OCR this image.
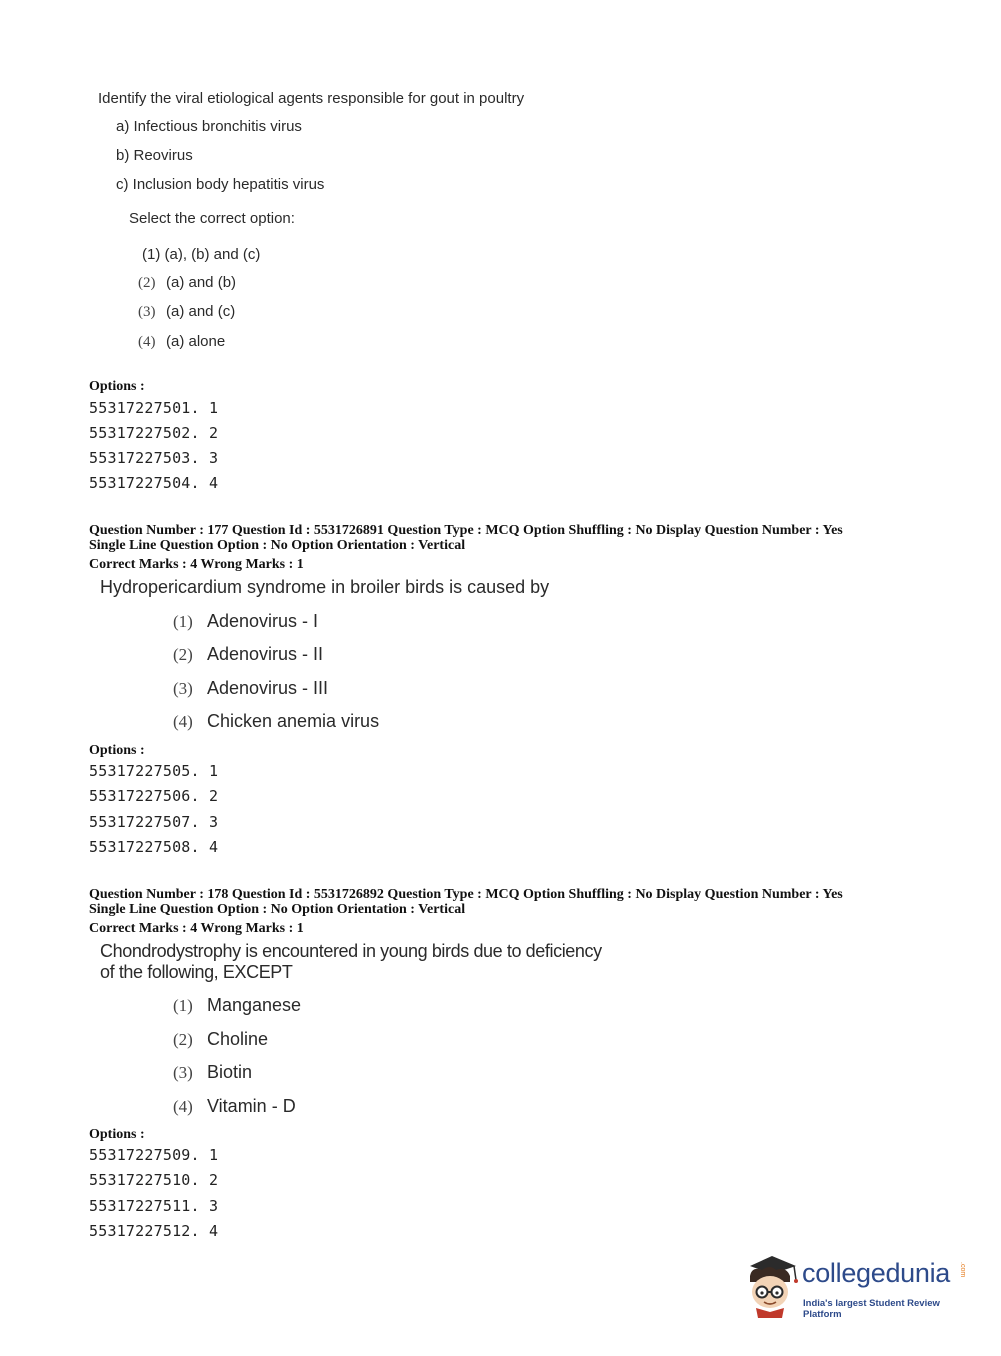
Identify the viral etiological agents responsible for gout in poultry
a) Infectious bronchitis virus
b) Reovirus
c) Inclusion body hepatitis virus
Select the correct option:
(1) (a), (b) and (c)
(2) (a) and (b)
(3) (a) and (c)
(4) (a) alone
Options :
55317227501. 1
55317227502. 2
55317227503. 3
55317227504. 4
Question Number : 177 Question Id : 5531726891 Question Type : MCQ Option Shuffling : No Display Question Number : Yes
Single Line Question Option : No Option Orientation : Vertical
Correct Marks : 4 Wrong Marks : 1
Hydropericardium syndrome in broiler birds is caused by
(1) Adenovirus - I
(2) Adenovirus - II
(3) Adenovirus - III
(4) Chicken anemia virus
Options :
55317227505. 1
55317227506. 2
55317227507. 3
55317227508. 4
Question Number : 178 Question Id : 5531726892 Question Type : MCQ Option Shuffling : No Display Question Number : Yes
Single Line Question Option : No Option Orientation : Vertical
Correct Marks : 4 Wrong Marks : 1
Chondrodystrophy is encountered in young birds due to deficiency
of the following, EXCEPT
(1) Manganese
(2) Choline
(3) Biotin
(4) Vitamin - D
Options :
55317227509. 1
55317227510. 2
55317227511. 3
55317227512. 4
collegedunia .com
India's largest Student Review Platform
